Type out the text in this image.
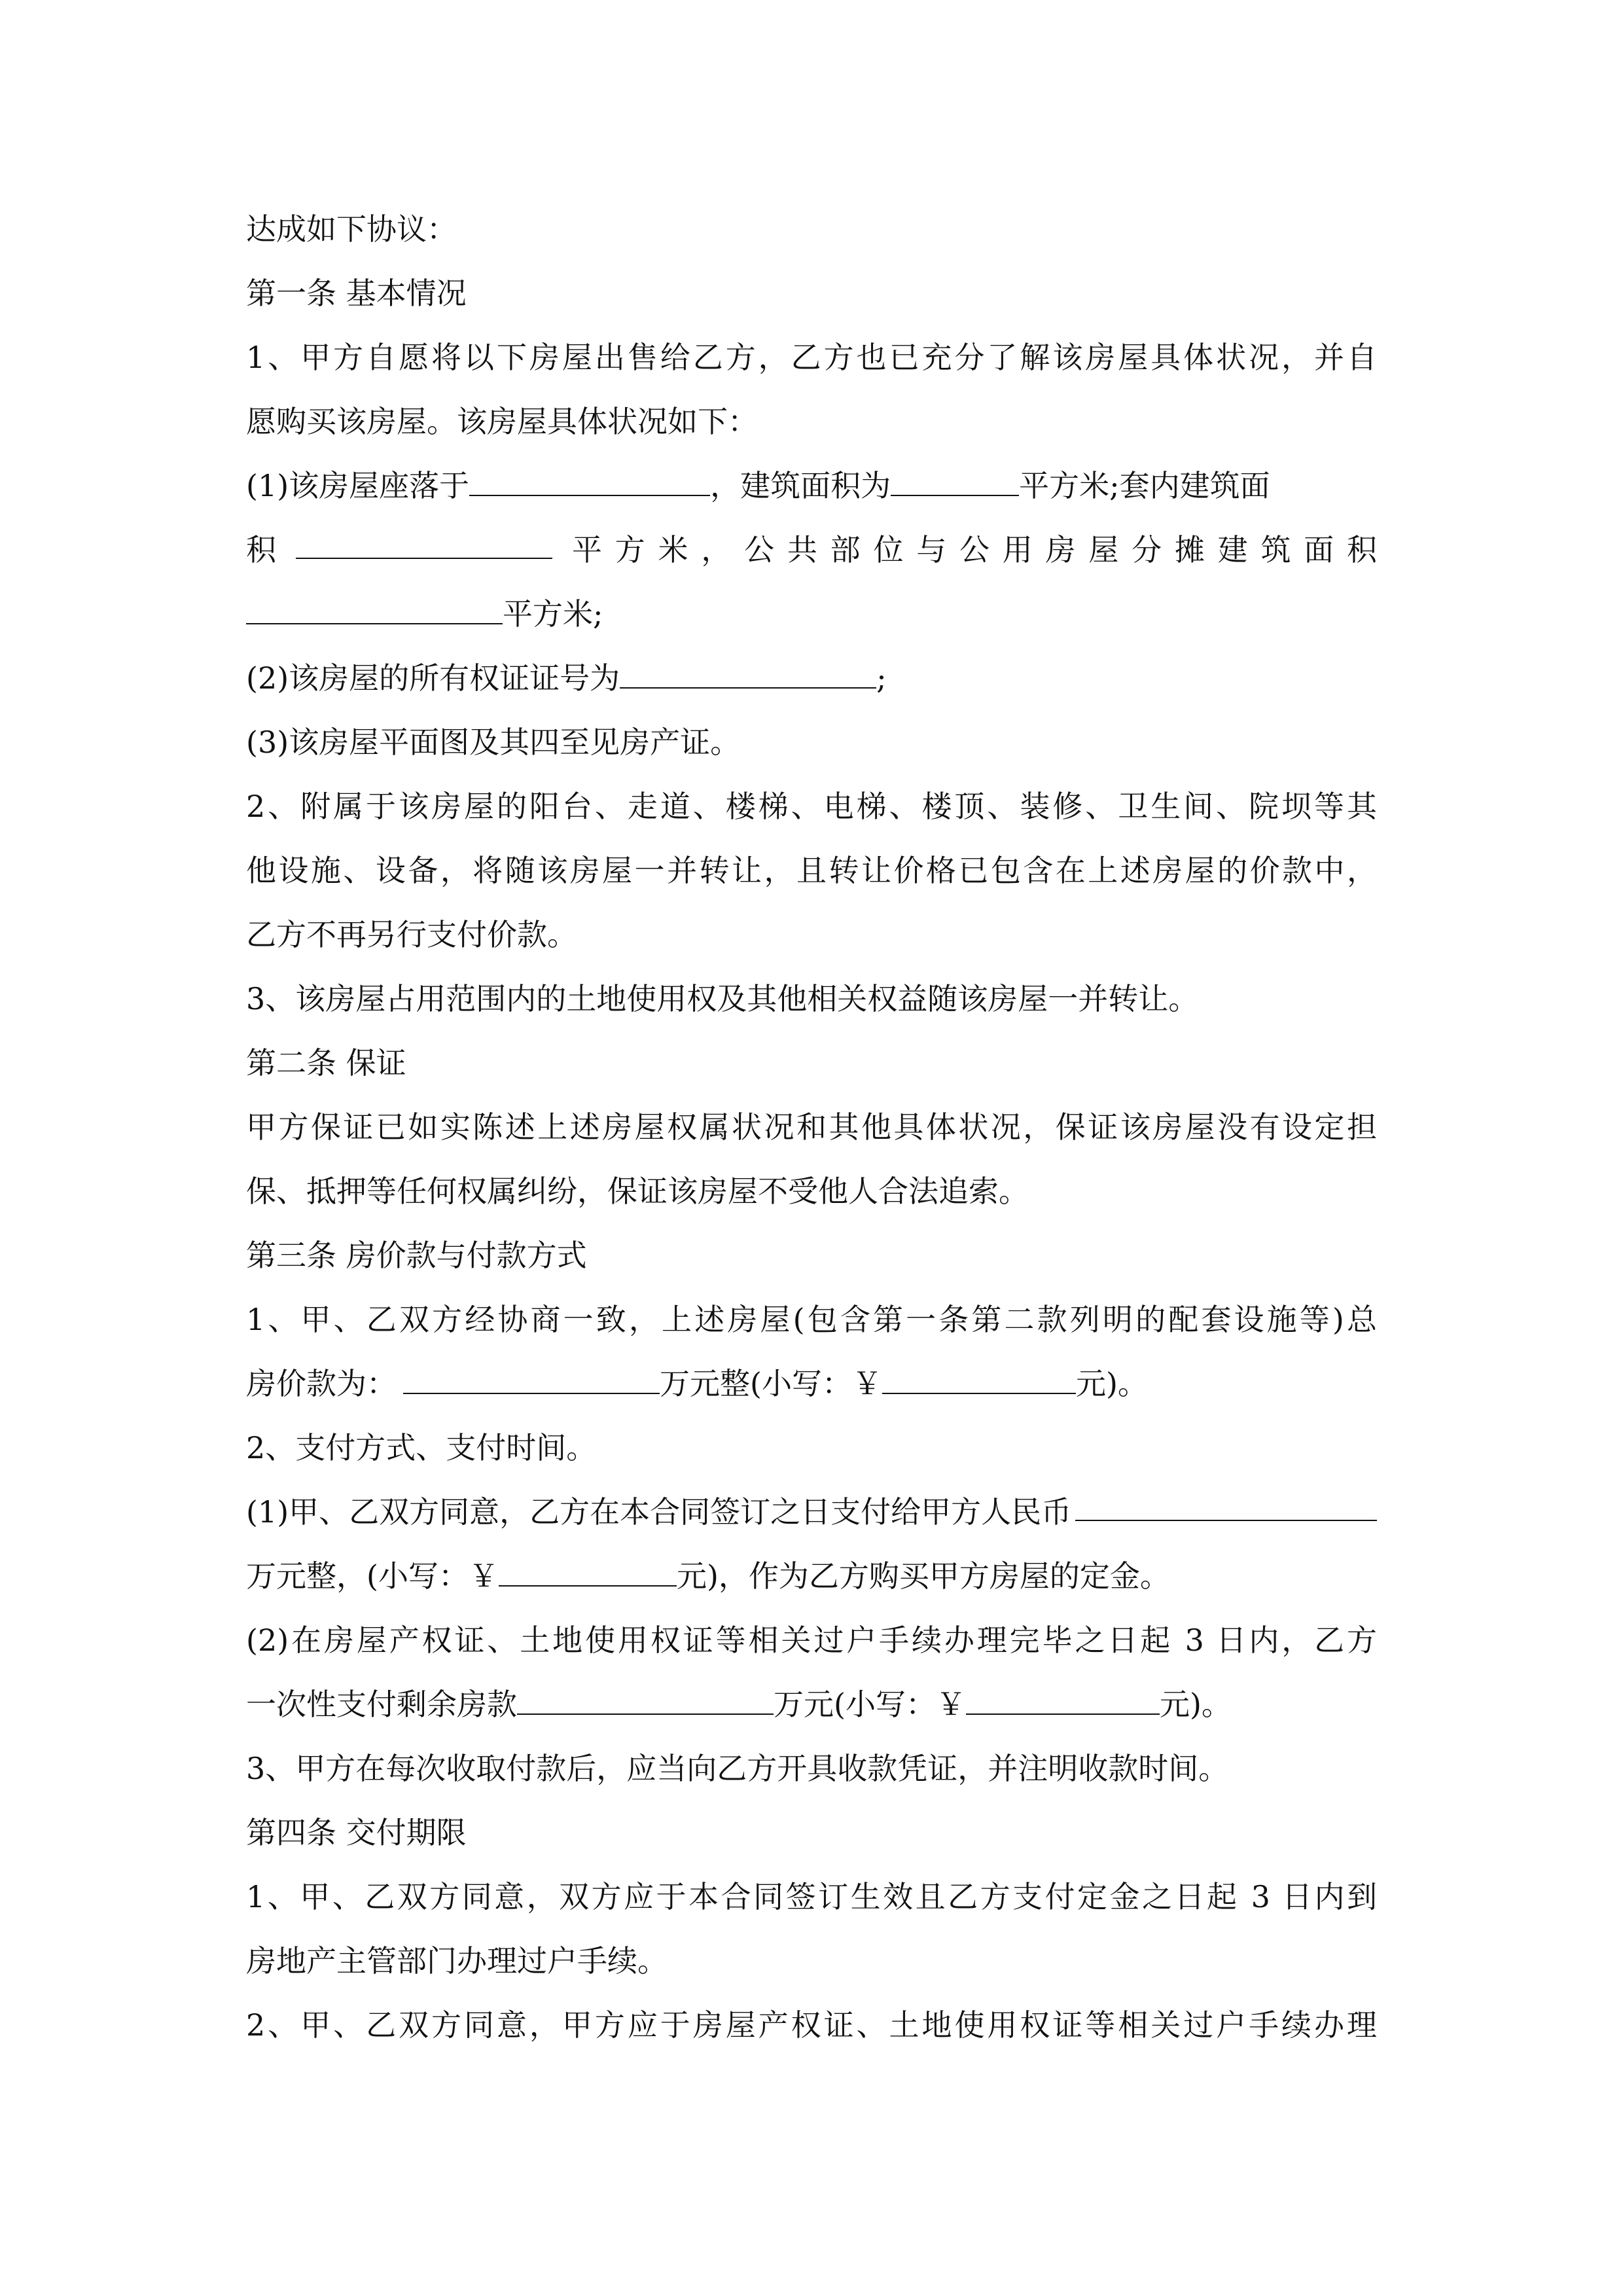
达成如下协议：
第一条 基本情况
1、甲方自愿将以下房屋出售给乙方，乙方也已充分了解该房屋具体状况，并自
愿购买该房屋。该房屋具体状况如下：
(1)该房屋座落于	，建筑面积为	平方米;套内建筑面
积	平方米，公共部位与公用房屋分摊建筑面积
平方米;
(2)该房屋的所有权证证号为	;
(3)该房屋平面图及其四至见房产证。
2、附属于该房屋的阳台、走道、楼梯、电梯、楼顶、装修、卫生间、院坝等其
他设施、设备，将随该房屋一并转让，且转让价格已包含在上述房屋的价款中，
乙方不再另行支付价款。
3、该房屋占用范围内的土地使用权及其他相关权益随该房屋一并转让。
第二条 保证
甲方保证已如实陈述上述房屋权属状况和其他具体状况，保证该房屋没有设定担
保、抵押等任何权属纠纷，保证该房屋不受他人合法追索。
第三条 房价款与付款方式
1、甲、乙双方经协商一致，上述房屋(包含第一条第二款列明的配套设施等)总
房价款为：	万元整(小写：￥	元)。
2、支付方式、支付时间。
(1)甲、乙双方同意，乙方在本合同签订之日支付给甲方人民币
万元整，(小写：￥	元)，作为乙方购买甲方房屋的定金。
(2)在房屋产权证、土地使用权证等相关过户手续办理完毕之日起 3 日内，乙方
一次性支付剩余房款	万元(小写：￥	元)。
3、甲方在每次收取付款后，应当向乙方开具收款凭证，并注明收款时间。
第四条 交付期限
1、甲、乙双方同意，双方应于本合同签订生效且乙方支付定金之日起 3 日内到
房地产主管部门办理过户手续。
2、甲、乙双方同意，甲方应于房屋产权证、土地使用权证等相关过户手续办理
